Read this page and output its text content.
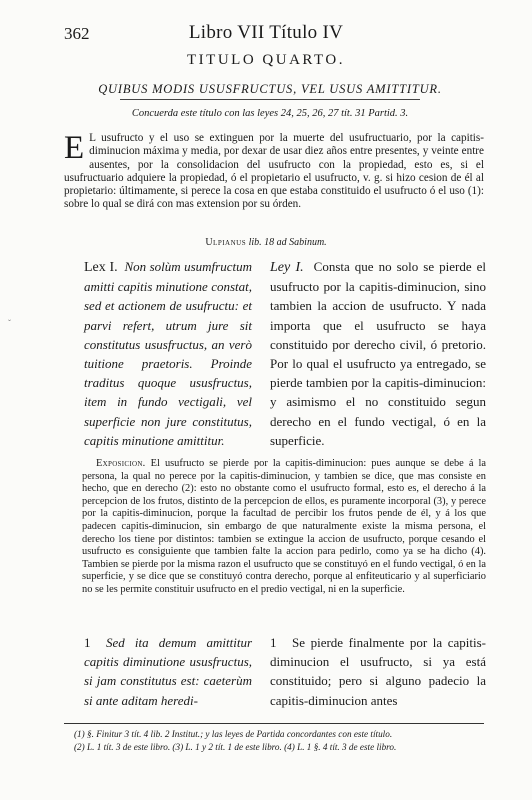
362	Libro VII Título IV
TITULO QUARTO.
QUIBUS MODIS USUSFRUCTUS, VEL USUS AMITTITUR.
Concuerda este título con las leyes 24, 25, 26, 27 tít. 31 Partid. 3.
E L usufructo y el uso se extinguen por la muerte del usufructuario, por la capitis-diminucion máxima y media, por dexar de usar diez años entre presentes, y veinte entre ausentes, por la consolidacion del usufructo con la propiedad, esto es, si el usufructuario adquiere la propiedad, ó el propietario el usufructo, v. g. si hizo cesion de él al propietario: últimamente, si perece la cosa en que estaba constituido el usufructo ó el uso (1): sobre lo qual se dirá con mas extension por su órden.
Ulpianus lib. 18 ad Sabinum.
Lex I. Non solùm usumfructum amitti capitis minutione constat, sed et actionem de usufructu: et parvi refert, utrum jure sit constitutus ususfructus, an verò tuitione praetoris. Proinde traditus quoque ususfructus, item in fundo vectigali, vel superficie non jure constitutus, capitis minutione amittitur.
Ley I. Consta que no solo se pierde el usufructo por la capitis-diminucion, sino tambien la accion de usufructo. Y nada importa que el usufructo se haya constituido por derecho civil, ó pretorio. Por lo qual el usufructo ya entregado, se pierde tambien por la capitis-diminucion: y asimismo el no constituido segun derecho en el fundo vectigal, ó en la superficie.
Exposicion. El usufructo se pierde por la capitis-diminucion: pues aunque se debe á la persona, la qual no perece por la capitis-diminucion, y tambien se dice, que mas consiste en hecho, que en derecho (2): esto no obstante como el usufructo formal, esto es, el derecho á la percepcion de los frutos, distinto de la percepcion de ellos, es puramente incorporal (3), y perece por la capitis-diminucion, porque la facultad de percibir los frutos pende de él, y á los que padecen capitis-diminucion, sin embargo de que naturalmente existe la misma persona, el derecho los tiene por distintos: tambien se extingue la accion de usufructo, porque cesando el usufructo es consiguiente que tambien falte la accion para pedirlo, como ya se ha dicho (4). Tambien se pierde por la misma razon el usufructo que se constituyó en el fundo vectigal, ó en la superficie, y se dice que se constituyó contra derecho, porque al enfiteuticario y al superficiario no se les permite constituir usufructo en el predio vectigal, ni en la superficie.
1 Sed ita demum amittitur capitis diminutione ususfructus, si jam constitutus est: caeterùm si ante aditam heredi-
1 Se pierde finalmente por la capitis-diminucion el usufructo, si ya está constituido; pero si alguno padecio la capitis-diminucion antes
(1) §. Finitur 3 tít. 4 lib. 2 Institut.; y las leyes de Partida concordantes con este título.
(2) L. 1 tít. 3 de este libro. (3) L. 1 y 2 tít. 1 de este libro. (4) L. 1 §. 4 tít. 3 de este libro.
ˇ
